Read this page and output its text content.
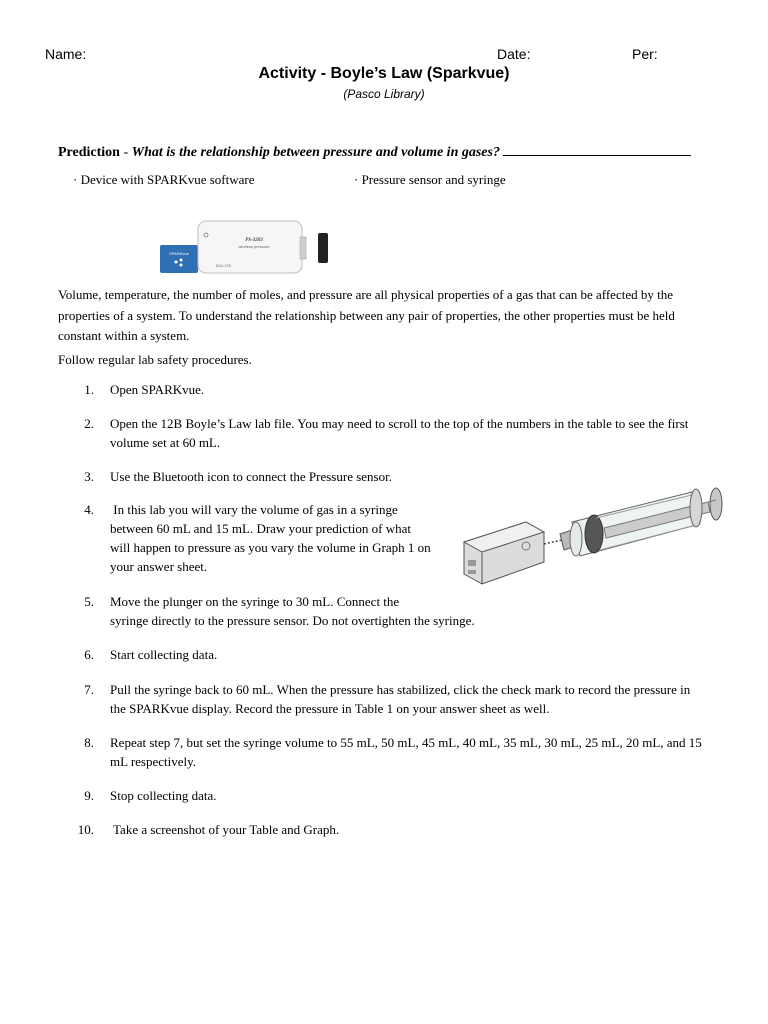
Name:	Date:	Per:
Activity - Boyle’s Law (Sparkvue)
(Pasco Library)
Prediction - What is the relationship between pressure and volume in gases?
· Device with SPARKvue software	· Pressure sensor and syringe
SPARKvue
PS-3203
wireless pressure
624-178
Volume, temperature, the number of moles, and pressure are all physical properties of a gas that can be affected by the properties of a system. To understand the relationship between any pair of properties, the other properties must be held constant within a system.
Follow regular lab safety procedures.
1. Open SPARKvue.
2. Open the 12B Boyle’s Law lab file. You may need to scroll to the top of the numbers in the table to see the first
volume set at 60 mL.
3. Use the Bluetooth icon to connect the Pressure sensor.
4. In this lab you will vary the volume of gas in a syringe
between 60 mL and 15 mL. Draw your prediction of what
will happen to pressure as you vary the volume in Graph 1 on
your answer sheet.
5. Move the plunger on the syringe to 30 mL. Connect the
syringe directly to the pressure sensor. Do not overtighten the syringe.
6. Start collecting data.
7. Pull the syringe back to 60 mL. When the pressure has stabilized, click the check mark to record the pressure in
the SPARKvue display. Record the pressure in Table 1 on your answer sheet as well.
8. Repeat step 7, but set the syringe volume to 55 mL, 50 mL, 45 mL, 40 mL, 35 mL, 30 mL, 25 mL, 20 mL, and 15
mL respectively.
9. Stop collecting data.
10. Take a screenshot of your Table and Graph.
